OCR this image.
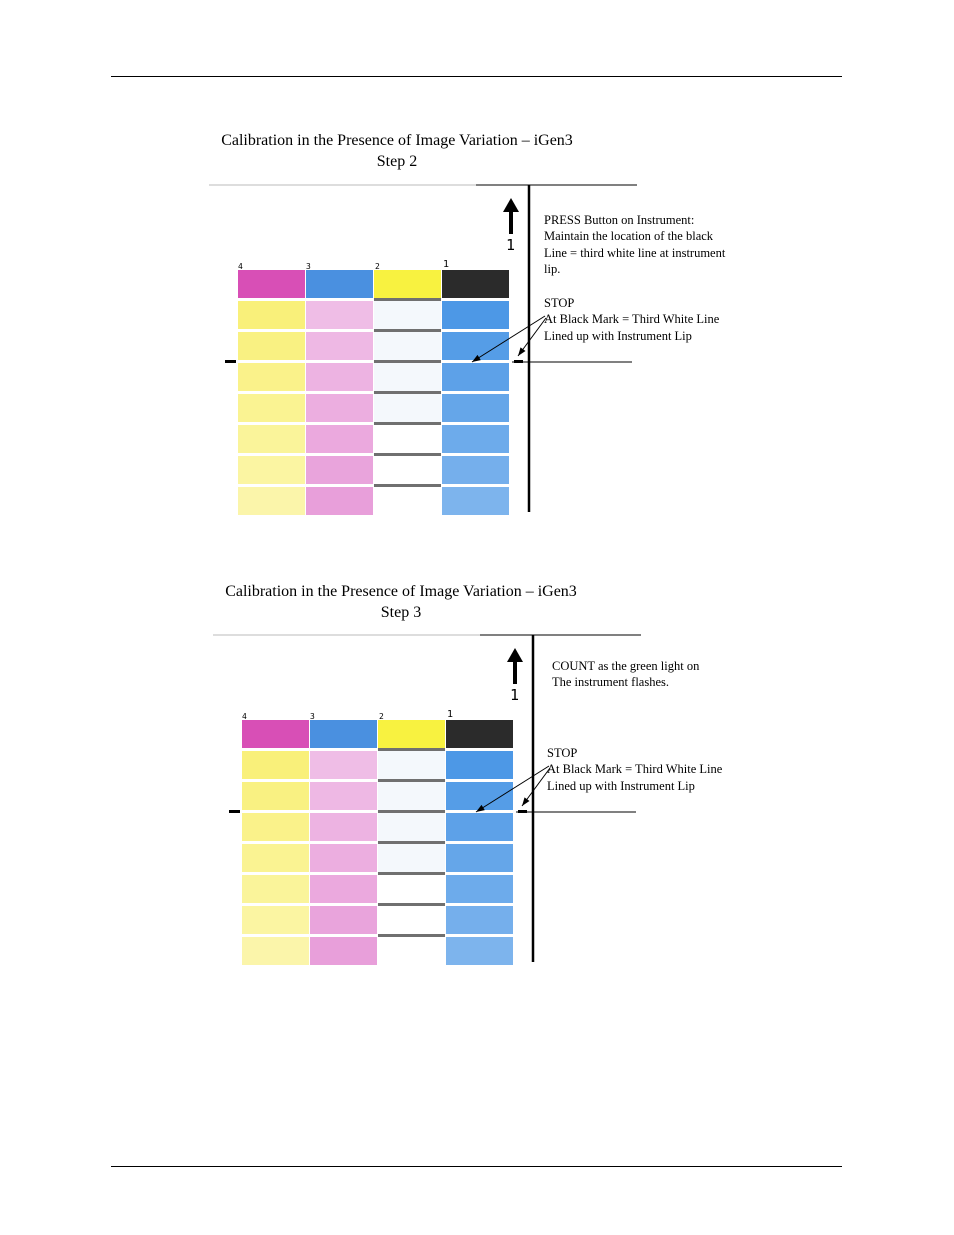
Calibration in the Presence of Image Variation – iGen3
Step 2
4	3	2	1
1
PRESS Button on Instrument:
Maintain the location of the black
Line = third white line at instrument
lip.
STOP
At Black Mark = Third White Line
Lined up with Instrument Lip
Calibration in the Presence of Image Variation – iGen3
Step 3
4	3	2	1
1
COUNT as the green light on
The instrument flashes.
STOP
At Black Mark = Third White Line
Lined up with Instrument Lip
